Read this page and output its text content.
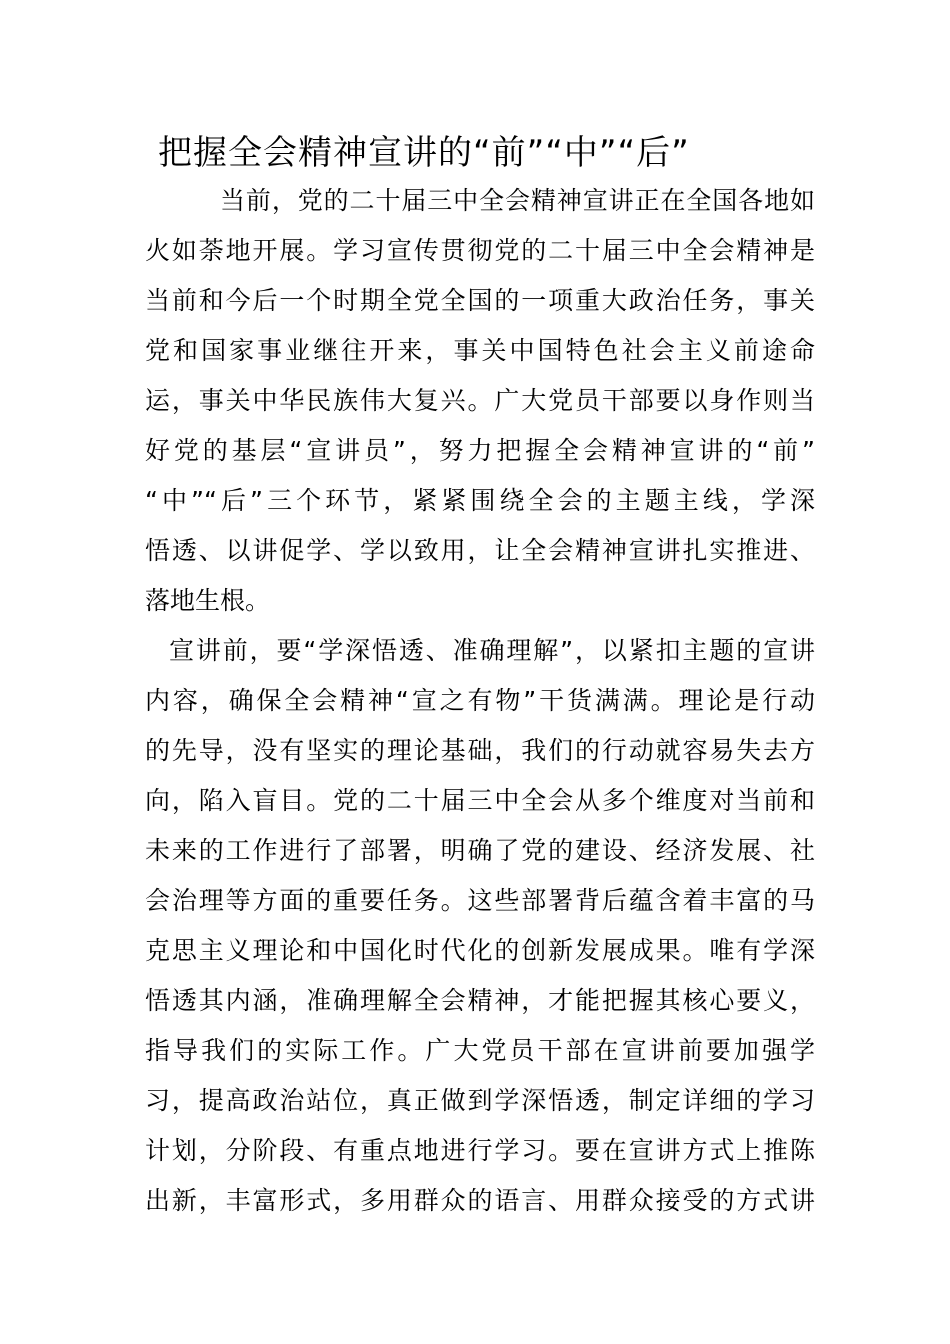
把握全会精神宣讲的“前”“中”“后”
当前，党的二十届三中全会精神宣讲正在全国各地如
火如荼地开展。学习宣传贯彻党的二十届三中全会精神是
当前和今后一个时期全党全国的一项重大政治任务，事关
党和国家事业继往开来，事关中国特色社会主义前途命
运，事关中华民族伟大复兴。广大党员干部要以身作则当
好党的基层“宣讲员”，努力把握全会精神宣讲的“前”
“中”“后”三个环节，紧紧围绕全会的主题主线，学深
悟透、以讲促学、学以致用，让全会精神宣讲扎实推进、
落地生根。
宣讲前，要“学深悟透、准确理解”，以紧扣主题的宣讲
内容，确保全会精神“宣之有物”干货满满。理论是行动
的先导，没有坚实的理论基础，我们的行动就容易失去方
向，陷入盲目。党的二十届三中全会从多个维度对当前和
未来的工作进行了部署，明确了党的建设、经济发展、社
会治理等方面的重要任务。这些部署背后蕴含着丰富的马
克思主义理论和中国化时代化的创新发展成果。唯有学深
悟透其内涵，准确理解全会精神，才能把握其核心要义，
指导我们的实际工作。广大党员干部在宣讲前要加强学
习，提高政治站位，真正做到学深悟透，制定详细的学习
计划，分阶段、有重点地进行学习。要在宣讲方式上推陈
出新，丰富形式，多用群众的语言、用群众接受的方式讲
